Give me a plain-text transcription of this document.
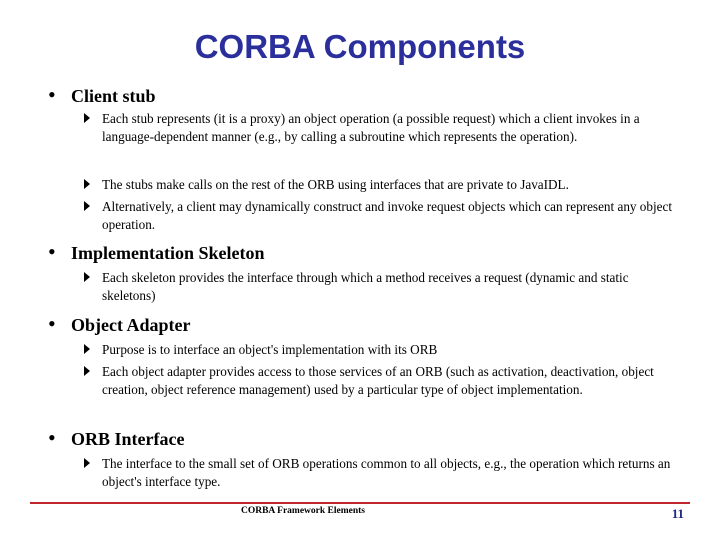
CORBA Components
• Client stub
Each stub represents (it is a proxy) an object operation (a possible request) which a client invokes in a language-dependent manner (e.g., by calling a subroutine which represents the operation).
The stubs make calls on the rest of the ORB using interfaces that are private to JavaIDL.
Alternatively, a client may dynamically construct and invoke request objects which can represent any object operation.
• Implementation Skeleton
Each skeleton provides the interface through which a method receives a request (dynamic and static skeletons)
• Object Adapter
Purpose is to interface an object's implementation with its ORB
Each object adapter provides access to those services of an ORB (such as activation, deactivation, object creation, object reference management) used by a particular type of object implementation.
• ORB Interface
The interface to the small set of ORB operations common to all objects, e.g., the operation which returns an object's interface type.
CORBA Framework Elements	11
